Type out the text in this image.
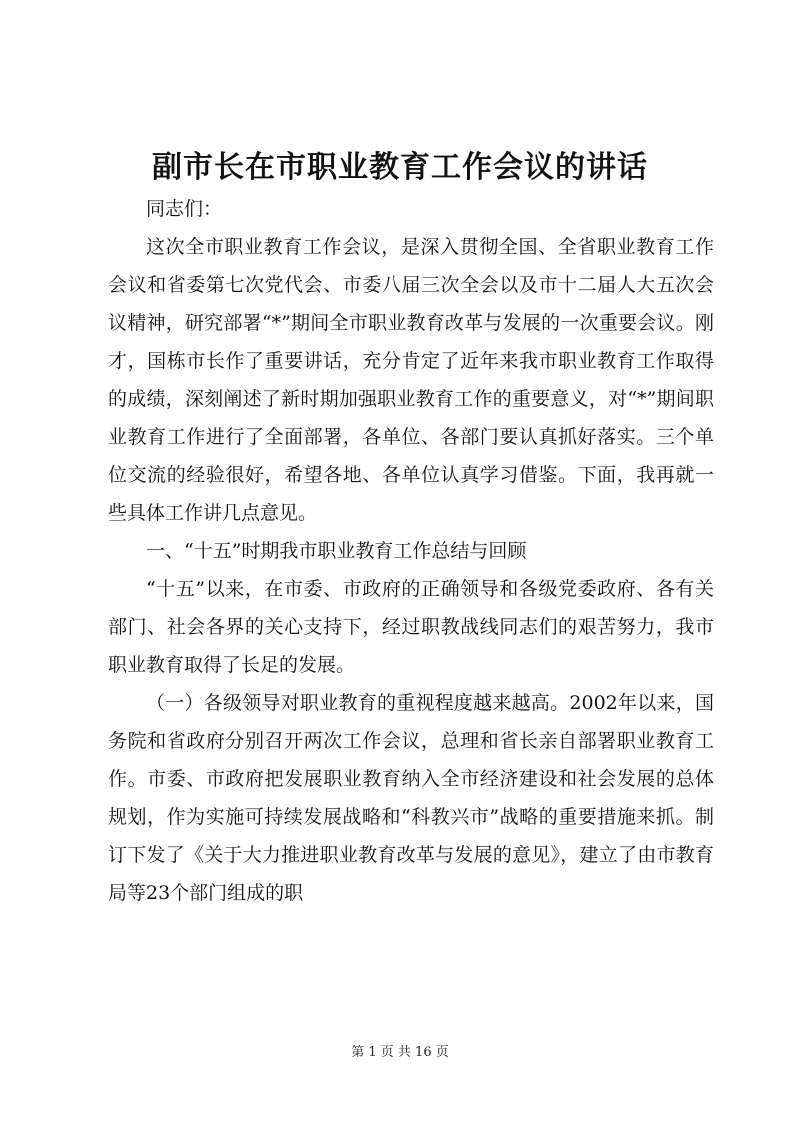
副市长在市职业教育工作会议的讲话

同志们：

这次全市职业教育工作会议，是深入贯彻全国、全省职业教育工作会议和省委第七次党代会、市委八届三次全会以及市十二届人大五次会议精神，研究部署“*”期间全市职业教育改革与发展的一次重要会议。刚才，国栋市长作了重要讲话，充分肯定了近年来我市职业教育工作取得的成绩，深刻阐述了新时期加强职业教育工作的重要意义，对“*”期间职业教育工作进行了全面部署，各单位、各部门要认真抓好落实。三个单位交流的经验很好，希望各地、各单位认真学习借鉴。下面，我再就一些具体工作讲几点意见。

一、“十五”时期我市职业教育工作总结与回顾

“十五”以来，在市委、市政府的正确领导和各级党委政府、各有关部门、社会各界的关心支持下，经过职教战线同志们的艰苦努力，我市职业教育取得了长足的发展。

（一）各级领导对职业教育的重视程度越来越高。2002年以来，国务院和省政府分别召开两次工作会议，总理和省长亲自部署职业教育工作。市委、市政府把发展职业教育纳入全市经济建设和社会发展的总体规划，作为实施可持续发展战略和“科教兴市”战略的重要措施来抓。制订下发了《关于大力推进职业教育改革与发展的意见》，建立了由市教育局等23个部门组成的职

第 1 页 共 16 页
